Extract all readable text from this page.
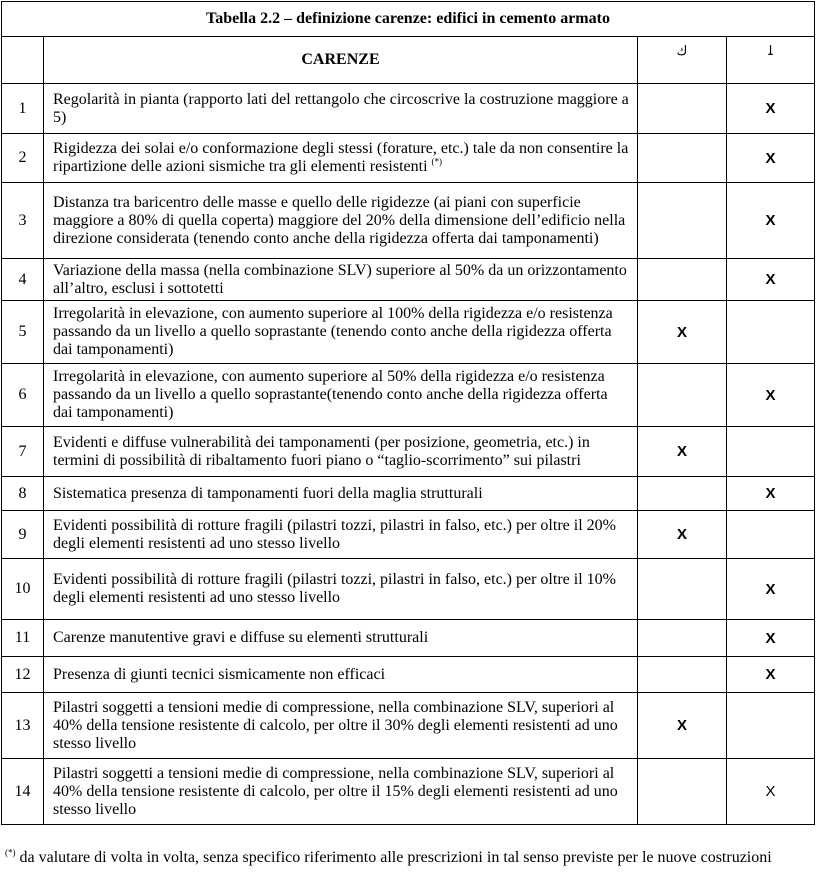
Tabella 2.2 – definizione carenze: edifici in cemento armato			
	CARENZE	ك	ﻠ
1	Regolarità in pianta (rapporto lati del rettangolo che circoscrive la costruzione maggiore a 5)		X
2	Rigidezza dei solai e/o conformazione degli stessi (forature, etc.) tale da non consentire la ripartizione delle azioni sismiche tra gli elementi resistenti (*)		X
3	Distanza tra baricentro delle masse e quello delle rigidezze (ai piani con superficie maggiore a 80% di quella coperta) maggiore del 20% della dimensione dell’edificio nella direzione considerata (tenendo conto anche della rigidezza offerta dai tamponamenti)		X
4	Variazione della massa (nella combinazione SLV) superiore al 50% da un orizzontamento all’altro, esclusi i sottotetti		X
5	Irregolarità in elevazione, con aumento superiore al 100% della rigidezza e/o resistenza passando da un livello a quello soprastante (tenendo conto anche della rigidezza offerta dai tamponamenti)	X	
6	Irregolarità in elevazione, con aumento superiore al 50% della rigidezza e/o resistenza passando da un livello a quello soprastante(tenendo conto anche della rigidezza offerta dai tamponamenti)		X
7	Evidenti e diffuse vulnerabilità dei tamponamenti (per posizione, geometria, etc.) in termini di possibilità di ribaltamento fuori piano o “taglio-scorrimento” sui pilastri	X	
8	Sistematica presenza di tamponamenti fuori della maglia strutturali		X
9	Evidenti possibilità di rotture fragili (pilastri tozzi, pilastri in falso, etc.) per oltre il 20% degli elementi resistenti ad uno stesso livello	X	
10	Evidenti possibilità di rotture fragili (pilastri tozzi, pilastri in falso, etc.) per oltre il 10% degli elementi resistenti ad uno stesso livello		X
11	Carenze manutentive gravi e diffuse su elementi strutturali		X
12	Presenza di giunti tecnici sismicamente non efficaci		X
13	Pilastri soggetti a tensioni medie di compressione, nella combinazione SLV, superiori al 40% della tensione resistente di calcolo, per oltre il 30% degli elementi resistenti ad uno stesso livello	X	
14	Pilastri soggetti a tensioni medie di compressione, nella combinazione SLV, superiori al 40% della tensione resistente di calcolo, per oltre il 15% degli elementi resistenti ad uno stesso livello		X
(*) da valutare di volta in volta, senza specifico riferimento alle prescrizioni in tal senso previste per le nuove costruzioni
